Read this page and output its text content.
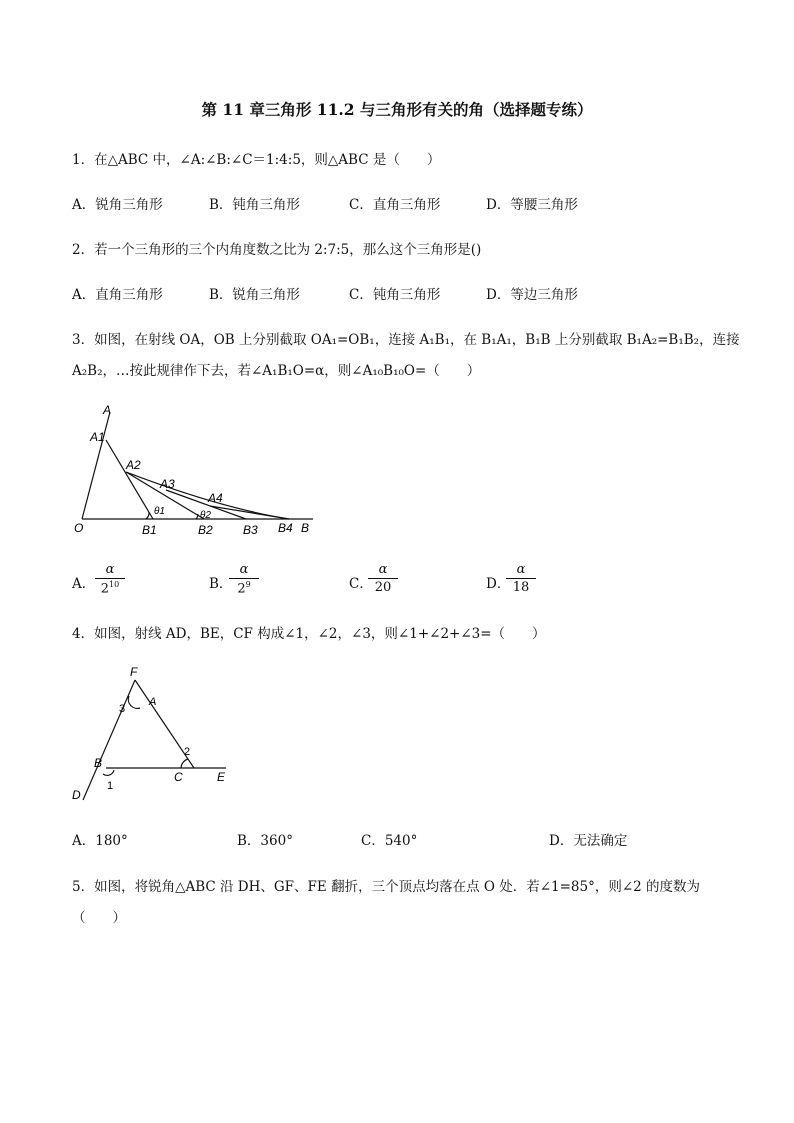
第 11 章三角形 11.2 与三角形有关的角（选择题专练）
1．在△ABC 中，∠A:∠B:∠C＝1:4:5，则△ABC 是（　　）
A．锐角三角形	B．钝角三角形	C．直角三角形	D．等腰三角形
2．若一个三角形的三个内角度数之比为 2:7:5，那么这个三角形是()
A．直角三角形	B．锐角三角形	C．钝角三角形	D．等边三角形
3．如图，在射线 OA，OB 上分别截取 OA₁=OB₁，连接 A₁B₁，在 B₁A₁，B₁B 上分别截取 B₁A₂=B₁B₂，连接
A₂B₂，…按此规律作下去，若∠A₁B₁O=α，则∠A₁₀B₁₀O=（　　）
A
A1
A2
A3
A4
O	B1	B2	B3 B4 B
θ1	θ2
A． $\frac{\alpha}{2^{10}}$	B．
$\frac{\alpha}{2^9}$	C．
$\frac{\alpha}{20}$	D．
$\frac{\alpha}{18}$
4．如图，射线 AD，BE，CF 构成∠1，∠2，∠3，则∠1+∠2+∠3=（　　）
F
A
3
2
B
C	E
1
D
A．180°	B．360°	C．540°	D．无法确定
5．如图，将锐角△ABC 沿 DH、GF、FE 翻折，三个顶点均落在点 O 处．若∠1=85°，则∠2 的度数为
（　　）
